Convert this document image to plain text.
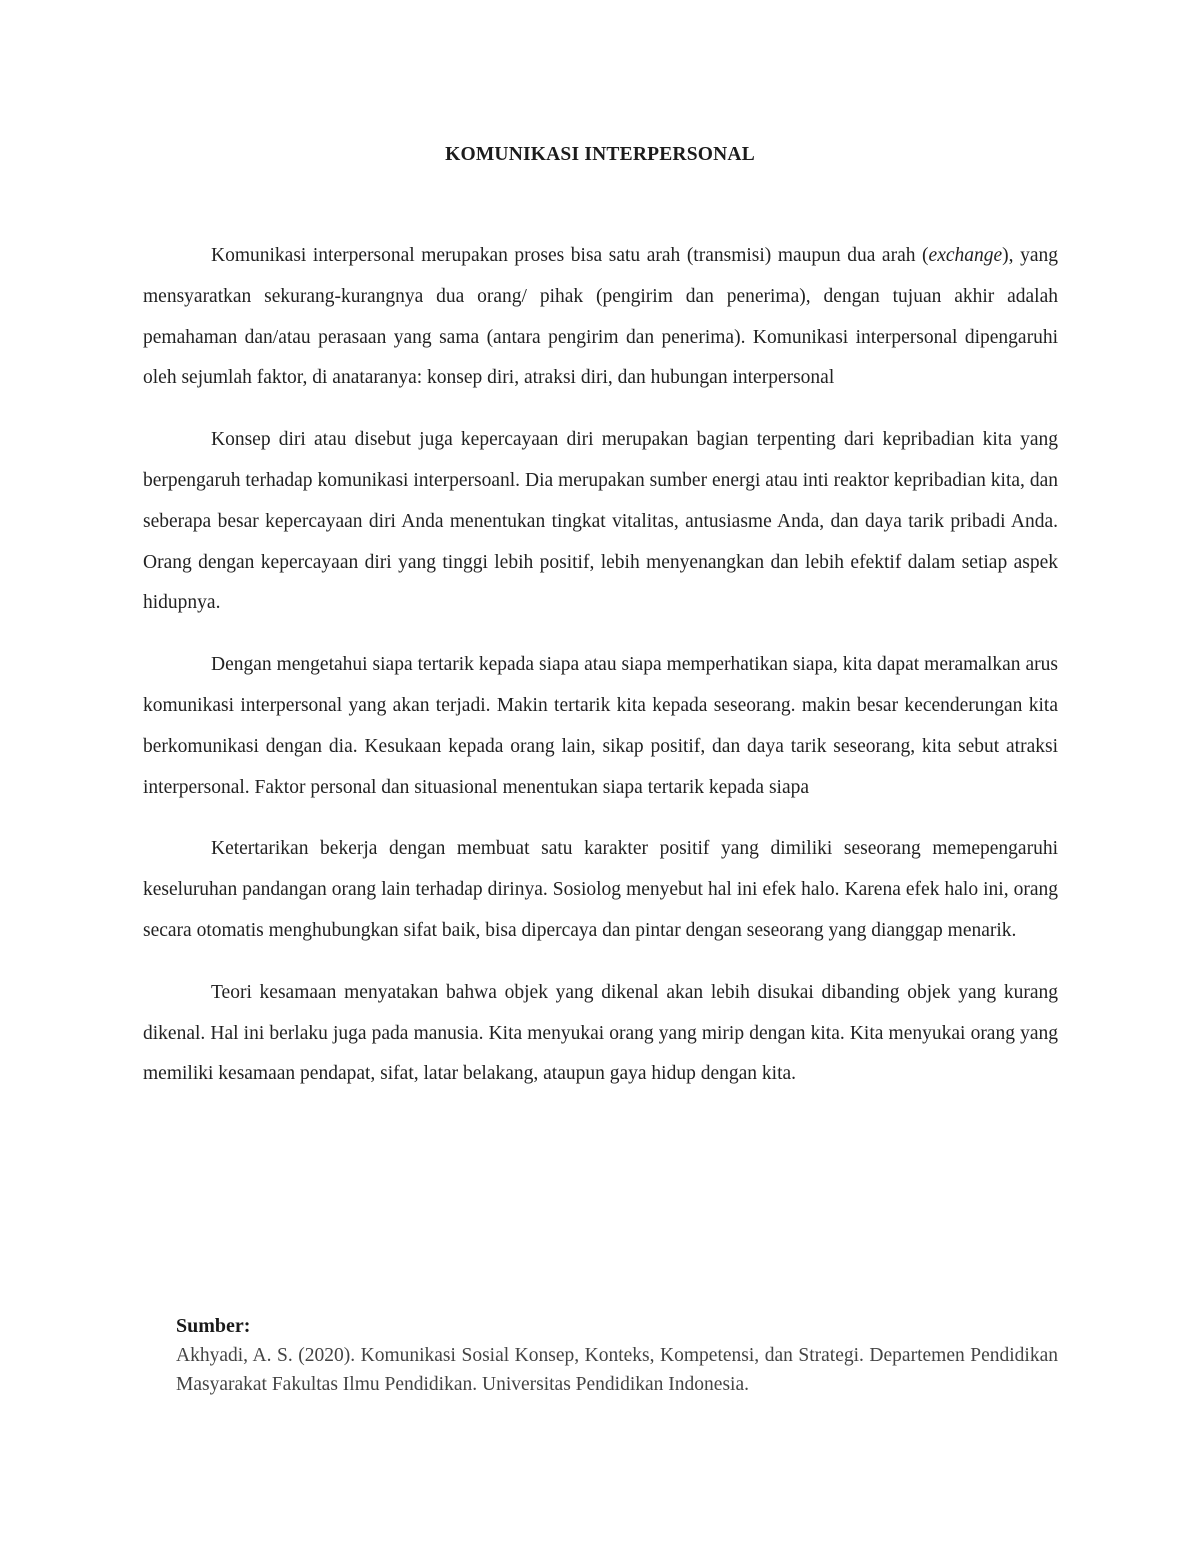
KOMUNIKASI INTERPERSONAL

Komunikasi interpersonal merupakan proses bisa satu arah (transmisi) maupun dua arah (exchange), yang mensyaratkan sekurang-kurangnya dua orang/ pihak (pengirim dan penerima), dengan tujuan akhir adalah pemahaman dan/atau perasaan yang sama (antara pengirim dan penerima). Komunikasi interpersonal dipengaruhi oleh sejumlah faktor, di anataranya: konsep diri, atraksi diri, dan hubungan interpersonal

Konsep diri atau disebut juga kepercayaan diri merupakan bagian terpenting dari kepribadian kita yang berpengaruh terhadap komunikasi interpersoanl. Dia merupakan sumber energi atau inti reaktor kepribadian kita, dan seberapa besar kepercayaan diri Anda menentukan tingkat vitalitas, antusiasme Anda, dan daya tarik pribadi Anda. Orang dengan kepercayaan diri yang tinggi lebih positif, lebih menyenangkan dan lebih efektif dalam setiap aspek hidupnya.

Dengan mengetahui siapa tertarik kepada siapa atau siapa memperhatikan siapa, kita dapat meramalkan arus komunikasi interpersonal yang akan terjadi. Makin tertarik kita kepada seseorang. makin besar kecenderungan kita berkomunikasi dengan dia. Kesukaan kepada orang lain, sikap positif, dan daya tarik seseorang, kita sebut atraksi interpersonal. Faktor personal dan situasional menentukan siapa tertarik kepada siapa

Ketertarikan bekerja dengan membuat satu karakter positif yang dimiliki seseorang memepengaruhi keseluruhan pandangan orang lain terhadap dirinya. Sosiolog menyebut hal ini efek halo. Karena efek halo ini, orang secara otomatis menghubungkan sifat baik, bisa dipercaya dan pintar dengan seseorang yang dianggap menarik.

Teori kesamaan menyatakan bahwa objek yang dikenal akan lebih disukai dibanding objek yang kurang dikenal. Hal ini berlaku juga pada manusia. Kita menyukai orang yang mirip dengan kita. Kita menyukai orang yang memiliki kesamaan pendapat, sifat, latar belakang, ataupun gaya hidup dengan kita.

Sumber:
Akhyadi, A. S. (2020). Komunikasi Sosial Konsep, Konteks, Kompetensi, dan Strategi. Departemen Pendidikan Masyarakat Fakultas Ilmu Pendidikan. Universitas Pendidikan Indonesia.
